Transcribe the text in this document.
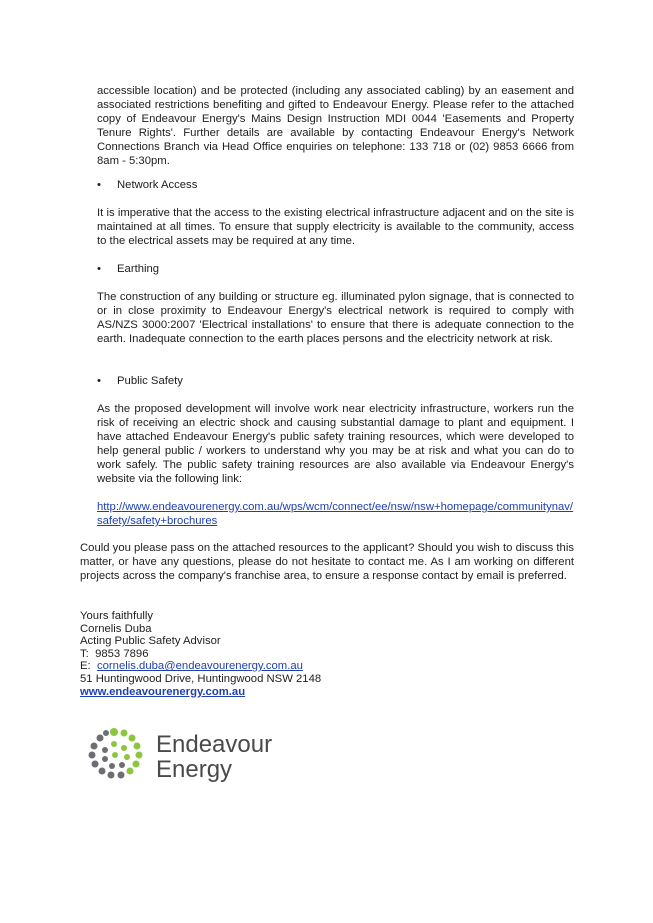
accessible location) and be protected (including any associated cabling) by an easement and associated restrictions benefiting and gifted to Endeavour Energy. Please refer to the attached copy of Endeavour Energy's Mains Design Instruction MDI 0044 'Easements and Property Tenure Rights'. Further details are available by contacting Endeavour Energy's Network Connections Branch via Head Office enquiries on telephone: 133 718 or (02) 9853 6666 from 8am - 5:30pm.

• Network Access

It is imperative that the access to the existing electrical infrastructure adjacent and on the site is maintained at all times. To ensure that supply electricity is available to the community, access to the electrical assets may be required at any time.

• Earthing

The construction of any building or structure eg. illuminated pylon signage, that is connected to or in close proximity to Endeavour Energy's electrical network is required to comply with AS/NZS 3000:2007 'Electrical installations' to ensure that there is adequate connection to the earth. Inadequate connection to the earth places persons and the electricity network at risk.

• Public Safety

As the proposed development will involve work near electricity infrastructure, workers run the risk of receiving an electric shock and causing substantial damage to plant and equipment. I have attached Endeavour Energy's public safety training resources, which were developed to help general public / workers to understand why you may be at risk and what you can do to work safely. The public safety training resources are also available via Endeavour Energy's website via the following link:

http://www.endeavourenergy.com.au/wps/wcm/connect/ee/nsw/nsw+homepage/communitynav/safety/safety+brochures

Could you please pass on the attached resources to the applicant? Should you wish to discuss this matter, or have any questions, please do not hesitate to contact me. As I am working on different projects across the company's franchise area, to ensure a response contact by email is preferred.

Yours faithfully
Cornelis Duba
Acting Public Safety Advisor
T: 9853 7896
E: cornelis.duba@endeavourenergy.com.au
51 Huntingwood Drive, Huntingwood NSW 2148
www.endeavourenergy.com.au
Endeavour
Energy
